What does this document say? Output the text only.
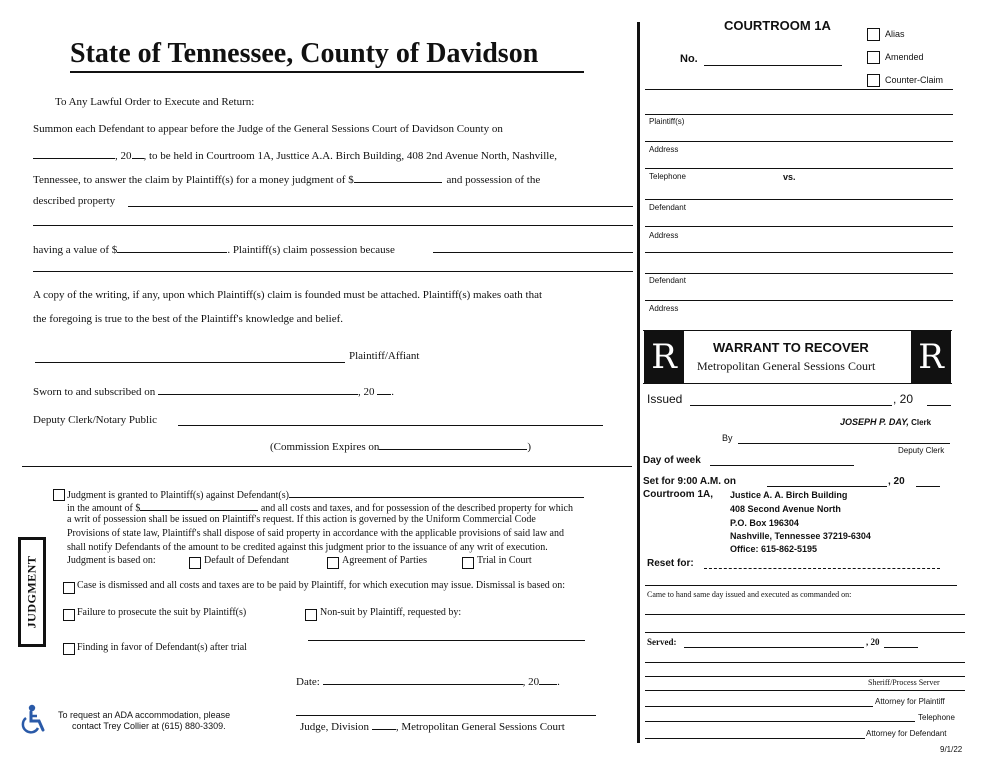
State of Tennessee, County of Davidson
To Any Lawful Order to Execute and Return:
Summon each Defendant to appear before the Judge of the General Sessions Court of Davidson County on
, 20 , to be held in Courtroom 1A, Justtice A.A. Birch Building, 408 2nd Avenue North, Nashville,
Tennessee, to answer the claim by Plaintiff(s) for a money judgment of $	and possession of the
described property
having a value of $	. Plaintiff(s) claim possession because
A copy of the writing, if any, upon which Plaintiff(s) claim is founded must be attached. Plaintiff(s) makes oath that
the foregoing is true to the best of the Plaintiff's knowledge and belief.
Plaintiff/Affiant
Sworn to and subscribed on	, 20 .
Deputy Clerk/Notary Public
(Commission Expires on	)
JUDGMENT
Judgment is granted to Plaintiff(s) against Defendant(s)
in the amount of $	and all costs and taxes, and for possession of the described property for which
a writ of possession shall be issued on Plaintiff's request. If this action is governed by the Uniform Commercial Code
Provisions of state law, Plaintiff's shall dispose of said property in accordance with the applicable provisions of said law and
shall notify Defendants of the amount to be credited against this judgment prior to the issuance of any writ of execution.
Judgment is based on:	Default of Defendant	Agreement of Parties	Trial in Court
Case is dismissed and all costs and taxes are to be paid by Plaintiff, for which execution may issue. Dismissal is based on:
Failure to prosecute the suit by Plaintiff(s)	Non-suit by Plaintiff, requested by:
Finding in favor of Defendant(s) after trial
Date:	, 20 .
Judge, Division , Metropolitan General Sessions Court
To request an ADA accommodation, please
contact Trey Collier at (615) 880-3309.
COURTROOM 1A
No.
Alias
Amended
Counter-Claim
Plaintiff(s)
Address
Telephone	vs.
Defendant
Address
Defendant
Address
R	R
WARRANT TO RECOVER
Metropolitan General Sessions Court
Issued	, 20
JOSEPH P. DAY, Clerk
By
Deputy Clerk
Day of week
Set for 9:00 A.M. on	, 20
Courtroom 1A, Justice A. A. Birch Building
408 Second Avenue North
P.O. Box 196304
Nashville, Tennessee 37219-6304
Office: 615-862-5195
Reset for:
Came to hand same day issued and executed as commanded on:
Served:	, 20
Sheriff/Process Server
Attorney for Plaintiff
Telephone
Attorney for Defendant
9/1/22
